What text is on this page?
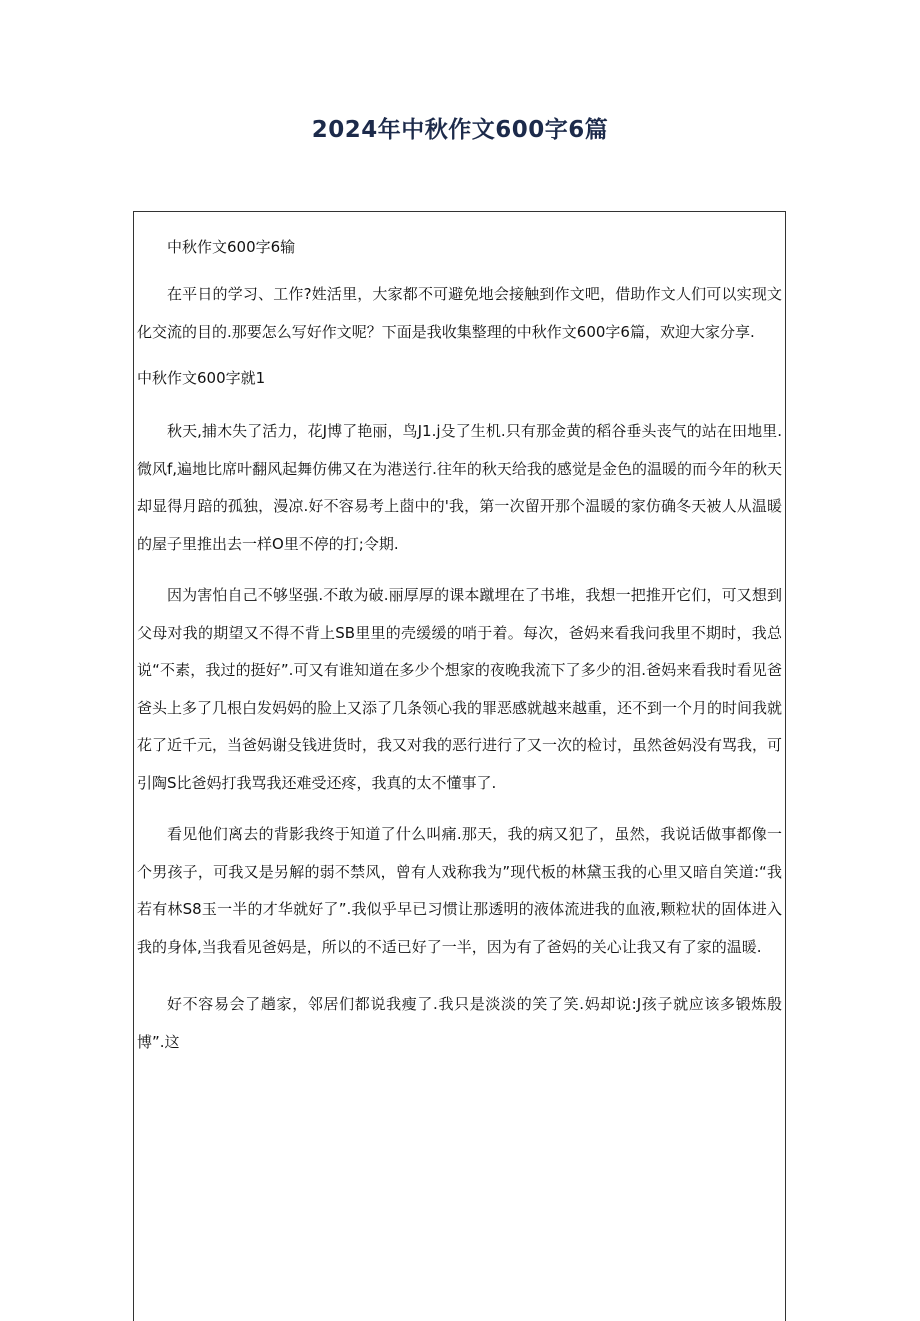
2024年中秋作文600字6篇

中秋作文600字6输

在平日的学习、工作?姓活里，大家都不可避免地会接触到作文吧，借助作文人们可以实现文化交流的目的.那要怎么写好作文呢？下面是我收集整理的中秋作文600字6篇，欢迎大家分享.

中秋作文600字就1

秋天,捕木失了活力，花J博了艳丽，鸟J1.j殳了生机.只有那金黄的稻谷垂头丧气的站在田地里.微风f,遍地比席叶翻风起舞仿佛又在为港送行.往年的秋天给我的感觉是金色的温暖的而今年的秋天却显得月踣的孤独，漫凉.好不容易考上莔中的'我，第一次留开那个温暖的家仿确冬天被人从温暖的屋子里推出去一样O里不停的打;令期.

因为害怕自己不够坚强.不敢为破.丽厚厚的课本蹴埋在了书堆，我想一把推开它们，可又想到父母对我的期望又不得不背上SB里里的壳缓缓的哨于着。每次，爸妈来看我问我里不期时，我总说“不素，我过的挺好”.可又有谁知道在多少个想家的夜晚我流下了多少的泪.爸妈来看我时看见爸爸头上多了几根白发妈妈的脸上又添了几条领心我的罪恶感就越来越重，还不到一个月的时间我就花了近千元，当爸妈谢殳钱进货时，我又对我的恶行进行了又一次的检讨，虽然爸妈没有骂我，可引陶S比爸妈打我骂我还难受还疼，我真的太不懂事了.

看见他们离去的背影我终于知道了什么叫痛.那天，我的病又犯了，虽然，我说话做事都像一个男孩子，可我又是另解的弱不禁风，曾有人戏称我为”现代板的林黛玉我的心里又暗自笑道:“我若有林S8玉一半的才华就好了”.我似乎早已习惯让那透明的液体流进我的血液,颗粒状的固体进入我的身体,当我看见爸妈是，所以的不适已好了一半，因为有了爸妈的关心让我又有了家的温暖.

好不容易会了趟家，邻居们都说我瘦了.我只是淡淡的笑了笑.妈却说:J孩子就应该多锻炼殷博”.这
